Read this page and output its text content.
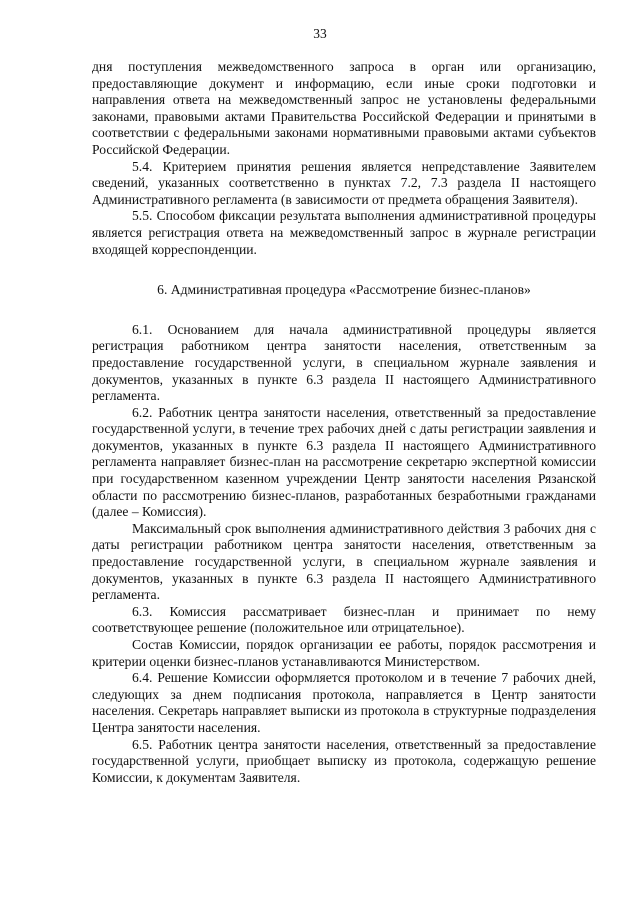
33

дня поступления межведомственного запроса в орган или организацию, предоставляющие документ и информацию, если иные сроки подготовки и направления ответа на межведомственный запрос не установлены федеральными законами, правовыми актами Правительства Российской Федерации и принятыми в соответствии с федеральными законами нормативными правовыми актами субъектов Российской Федерации.

5.4. Критерием принятия решения является непредставление Заявителем сведений, указанных соответственно в пунктах 7.2, 7.3 раздела II настоящего Административного регламента (в зависимости от предмета обращения Заявителя).

5.5. Способом фиксации результата выполнения административной процедуры является регистрация ответа на межведомственный запрос в журнале регистрации входящей корреспонденции.

6. Административная процедура «Рассмотрение бизнес-планов»

6.1. Основанием для начала административной процедуры является регистрация работником центра занятости населения, ответственным за предоставление государственной услуги, в специальном журнале заявления и документов, указанных в пункте 6.3 раздела II настоящего Административного регламента.

6.2. Работник центра занятости населения, ответственный за предоставление государственной услуги, в течение трех рабочих дней с даты регистрации заявления и документов, указанных в пункте 6.3 раздела II настоящего Административного регламента направляет бизнес-план на рассмотрение секретарю экспертной комиссии при государственном казенном учреждении Центр занятости населения Рязанской области по рассмотрению бизнес-планов, разработанных безработными гражданами (далее – Комиссия).

Максимальный срок выполнения административного действия 3 рабочих дня с даты регистрации работником центра занятости населения, ответственным за предоставление государственной услуги, в специальном журнале заявления и документов, указанных в пункте 6.3 раздела II настоящего Административного регламента.

6.3. Комиссия рассматривает бизнес-план и принимает по нему соответствующее решение (положительное или отрицательное).

Состав Комиссии, порядок организации ее работы, порядок рассмотрения и критерии оценки бизнес-планов устанавливаются Министерством.

6.4. Решение Комиссии оформляется протоколом и в течение 7 рабочих дней, следующих за днем подписания протокола, направляется в Центр занятости населения. Секретарь направляет выписки из протокола в структурные подразделения Центра занятости населения.

6.5. Работник центра занятости населения, ответственный за предоставление государственной услуги, приобщает выписку из протокола, содержащую решение Комиссии, к документам Заявителя.
